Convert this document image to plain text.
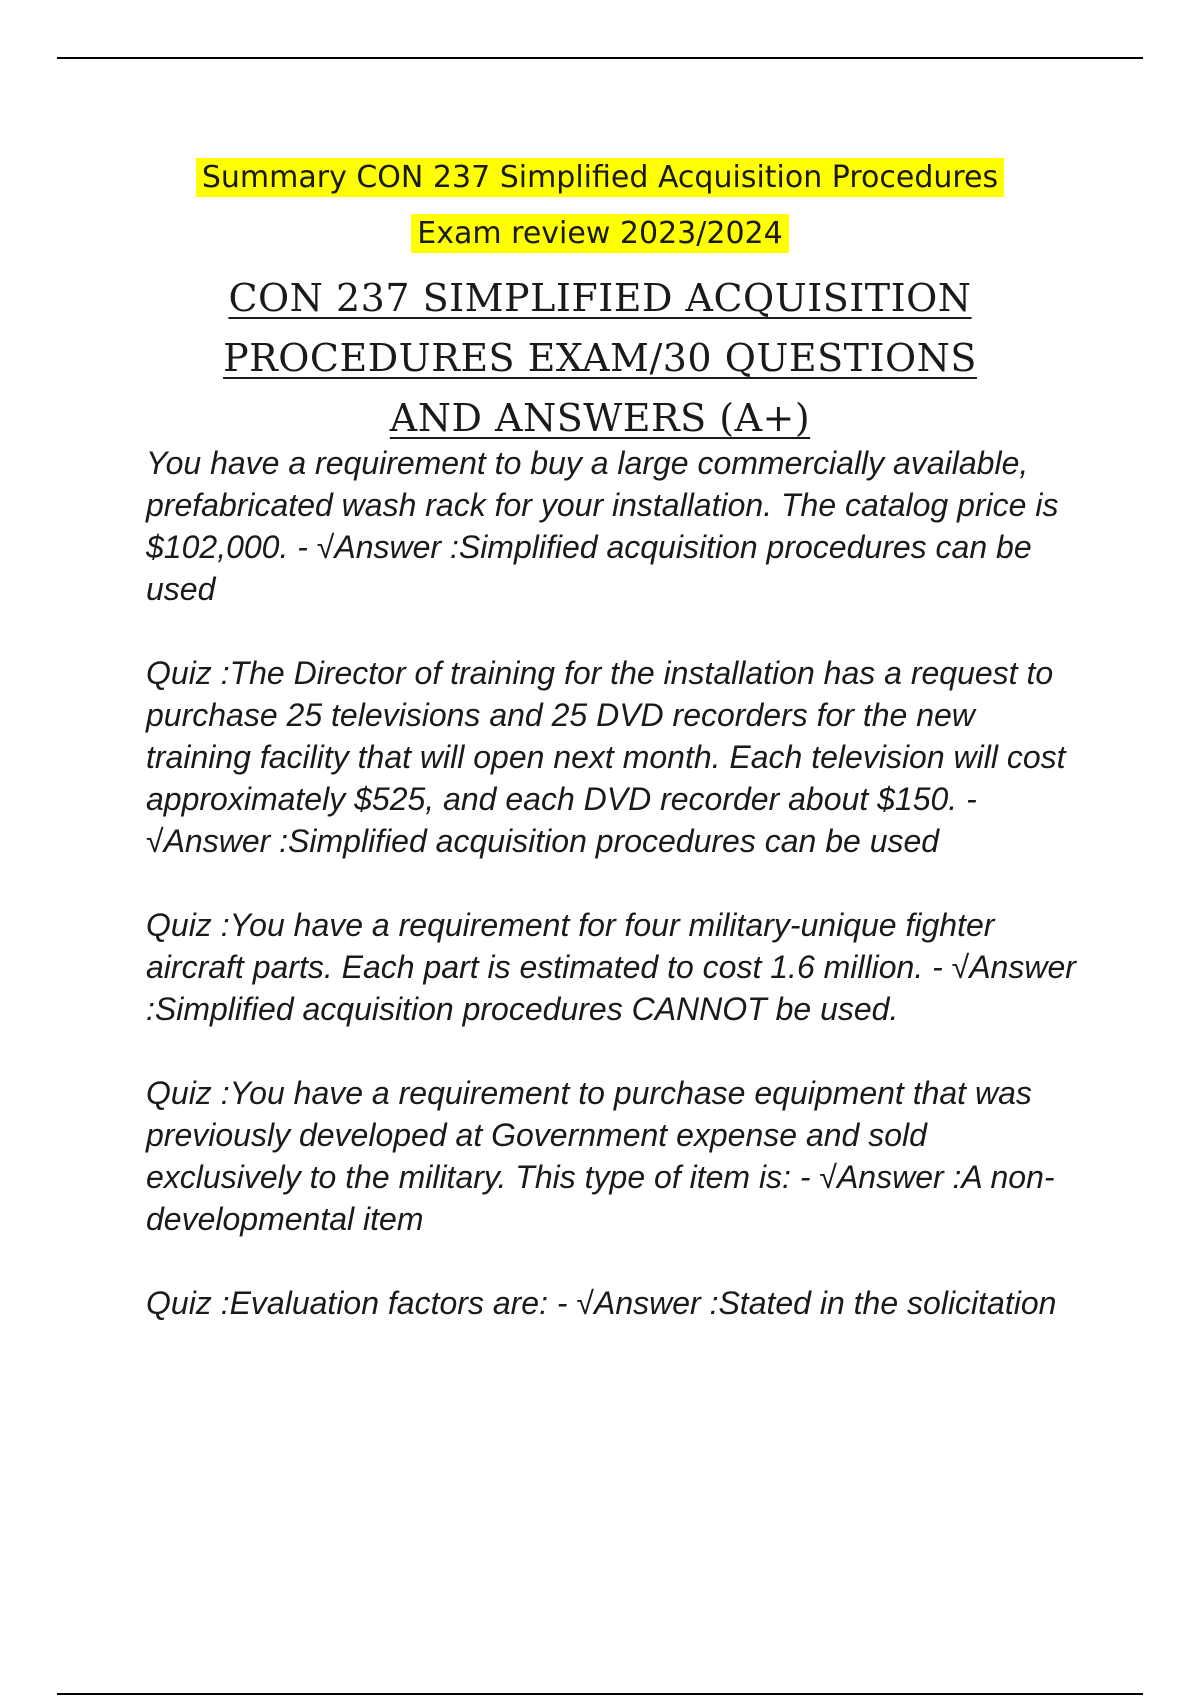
Summary CON 237 Simplified Acquisition Procedures
Exam review 2023/2024
CON 237 SIMPLIFIED ACQUISITION
PROCEDURES EXAM/30 QUESTIONS
AND ANSWERS (A+)

You have a requirement to buy a large commercially available, prefabricated wash rack for your installation. The catalog price is $102,000. - √Answer :Simplified acquisition procedures can be used

Quiz :The Director of training for the installation has a request to purchase 25 televisions and 25 DVD recorders for the new training facility that will open next month. Each television will cost approximately $525, and each DVD recorder about $150. - √Answer :Simplified acquisition procedures can be used

Quiz :You have a requirement for four military-unique fighter aircraft parts. Each part is estimated to cost 1.6 million. - √Answer :Simplified acquisition procedures CANNOT be used.

Quiz :You have a requirement to purchase equipment that was previously developed at Government expense and sold exclusively to the military. This type of item is: - √Answer :A non-developmental item

Quiz :Evaluation factors are: - √Answer :Stated in the solicitation
